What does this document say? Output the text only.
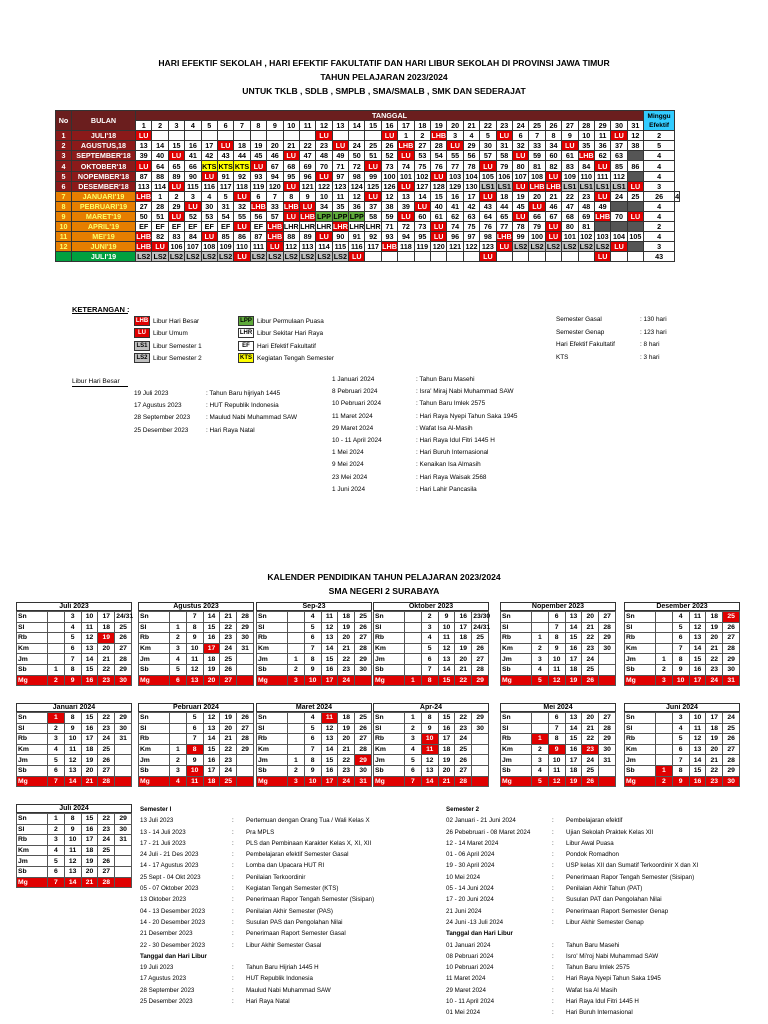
HARI EFEKTIF SEKOLAH , HARI EFEKTIF FAKULTATIF DAN HARI LIBUR SEKOLAH DI PROVINSI JAWA TIMUR
TAHUN PELAJARAN 2023/2024
UNTUK TKLB , SDLB , SMPLB , SMA/SMALB , SMK DAN SEDERAJAT
No	BULAN	TANGGAL																															Minggu Efektif	
		1	2	3	4	5	6	7	8	9	10	11	12	13	14	15	16	17	18	19	20	21	22	23	24	25	26	27	28	29	30	31		
1	JULI'18	LU											LU				LU	1	2	LHB	3	4	5	LU	6	7	8	9	10	11	LU	12	2	
2	AGUSTUS,18	13	14	15	16	17	LU	18	19	20	21	22	23	LU	24	25	26	LHB	27	28	LU	29	30	31	32	33	34	LU	35	36	37	38	5	
3	SEPTEMBER'18	39	40	LU	41	42	43	44	45	46	LU	47	48	49	50	51	52	LU	53	54	55	56	57	58	LU	59	60	61	LHB	62	63		4	
4	OKTOBER'18	LU	64	65	66	KTS	KTS	KTS	LU	67	68	69	70	71	72	LU	73	74	75	76	77	78	LU	79	80	81	82	83	84	LU	85	86	4	
5	NOPEMBER'18	87	88	89	90	LU	91	92	93	94	95	96	LU	97	98	99	100	101	102	LU	103	104	105	106	107	108	LU	109	110	111	112		4	
6	DESEMBER'18	113	114	LU	115	116	117	118	119	120	LU	121	122	123	124	125	126	LU	127	128	129	130	LS1	LS1	LU	LHB	LHB	LS1	LS1	LS1	LS1	LU	3	
7	JANUARI'19	LHB	1	2	3	4	5	LU	6	7	8	9	10	11	12	LU	12	13	14	15	16	17	LU	18	19	20	21	22	23	LU	24	25	26	4
8	PEBRUARI'19	27	28	29	LU	30	31	32	LHB	33	LHB	LU	34	35	36	37	38	39	LU	40	41	42	43	44	45	LU	46	47	48	49			4	
9	MARET'19	50	51	LU	52	53	54	55	56	57	LU	LHB	LPP	LPP	LPP	58	59	LU	60	61	62	63	64	65	LU	66	67	68	69	LHB	70	LU	4	
10	APRIL'19	EF	EF	EF	EF	EF	EF	LU	EF	LHB	LHR	LHR	LHR	LHR	LHR	LHR	71	72	73	LU	74	75	76	77	78	79	LU	80	81				2	
11	MEI'19	LHB	82	83	84	LU	85	86	87	LHB	88	89	LU	90	91	92	93	94	95	LU	96	97	98	LHB	99	100	LU	101	102	103	104	105	4	
12	JUNI'19	LHB	LU	106	107	108	109	110	111	LU	112	113	114	115	116	117	LHB	118	119	120	121	122	123	LU	LS2	LS2	LS2	LS2	LS2	LS2	LU		3	
	JULI'19	LS2	LS2	LS2	LS2	LS2	LS2	LU	LS2	LS2	LS2	LS2	LS2	LS2	LU								LU							LU			43	
KETERANGAN :
LHB Libur Hari Besar
LU	Libur Umum
LS1 Libur Semester 1
LS2 Libur Semester 2
LPP Libur Permulaan Puasa
LHR Libur Sekitar Hari Raya
EF	Hari Efektif Fakultatif
KTS Kegiatan Tengah Semester
Semester Gasal	: 130 hari
Semester Genap	: 123 hari
Hari Efektif Fakultatif	: 8 hari
KTS	: 3 hari
Libur Hari Besar
19 Juli 2023	: Tahun Baru hijriyah 1445
17 Agustus 2023	: HUT Republik Indonesia
28 September 2023 : Maulud Nabi Muhammad SAW
25 Desember 2023	: Hari Raya Natal
1 Januari 2024	: Tahun Baru Masehi
8 Pebruari 2024	: Isra' Miraj Nabi Muhammad SAW
10 Pebruari 2024	: Tahun Baru Imlek 2575
11 Maret 2024	: Hari Raya Nyepi Tahun Saka 1945
29 Maret 2024	: Wafat Isa Al-Masih
10 - 11 April 2024	: Hari Raya Idul Fitri 1445 H
1 Mei 2024	: Hari Buruh Internasional
9 Mei 2024	: Kenaikan Isa Almasih
23 Mei 2024	: Hari Raya Waisak 2568
1 Juni 2024	: Hari Lahir Pancasila
KALENDER PENDIDIKAN TAHUN PELAJARAN 2023/2024
SMA NEGERI 2 SURABAYA
Juli 2023
Sn		3	10	17	24/31
Sl		4	11	18	25
Rb		5	12	19	26
Km		6	13	20	27
Jm		7	14	21	28
Sb	1	8	15	22	29
Mg	2	9	16	23	30
Agustus 2023
Sn		7	14	21	28
Sl	1	8	15	22	29
Rb	2	9	16	23	30
Km	3	10	17	24	31
Jm	4	11	18	25	
Sb	5	12	19	26	
Mg	6	13	20	27	
Sep-23
Sn		4	11	18	25
Sl		5	12	19	26
Rb		6	13	20	27
Km		7	14	21	28
Jm	1	8	15	22	29
Sb	2	9	16	23	30
Mg	3	10	17	24	
Oktober 2023
Sn		2	9	16	23/30
Sl		3	10	17	24/31
Rb		4	11	18	25
Km		5	12	19	26
Jm		6	13	20	27
Sb		7	14	21	28
Mg	1	8	15	22	29
Nopember 2023
Sn		6	13	20	27
Sl		7	14	21	28
Rb	1	8	15	22	29
Km	2	9	16	23	30
Jm	3	10	17	24	
Sb	4	11	18	25	
Mg	5	12	19	26	
Desember 2023
Sn		4	11	18	25
Sl		5	12	19	26
Rb		6	13	20	27
Km		7	14	21	28
Jm	1	8	15	22	29
Sb	2	9	16	23	30
Mg	3	10	17	24	31
Januari 2024
Sn	1	8	15	22	29
Sl	2	9	16	23	30
Rb	3	10	17	24	31
Km	4	11	18	25	
Jm	5	12	19	26	
Sb	6	13	20	27	
Mg	7	14	21	28	
Pebruari 2024
Sn		5	12	19	26
Sl		6	13	20	27
Rb		7	14	21	28
Km	1	8	15	22	29
Jm	2	9	16	23	
Sb	3	10	17	24	
Mg	4	11	18	25	
Maret 2024
Sn		4	11	18	25
Sl		5	12	19	26
Rb		6	13	20	27
Km		7	14	21	28
Jm	1	8	15	22	29
Sb	2	9	16	23	30
Mg	3	10	17	24	31
Apr-24
Sn	1	8	15	22	29
Sl	2	9	16	23	30
Rb	3	10	17	24	
Km	4	11	18	25	
Jm	5	12	19	26	
Sb	6	13	20	27	
Mg	7	14	21	28	
Mei 2024
Sn		6	13	20	27
Sl		7	14	21	28
Rb	1	8	15	22	29
Km	2	9	16	23	30
Jm	3	10	17	24	31
Sb	4	11	18	25	
Mg	5	12	19	26	
Juni 2024
Sn		3	10	17	24
Sl		4	11	18	25
Rb		5	12	19	26
Km		6	13	20	27
Jm		7	14	21	28
Sb	1	8	15	22	29
Mg	2	9	16	23	30
Juli 2024
Sn	1	8	15	22	29
Sl	2	9	16	23	30
Rb	3	10	17	24	31
Km	4	11	18	25	
Jm	5	12	19	26	
Sb	6	13	20	27	
Mg	7	14	21	28	
Semester I
13 Juli 2023	:	Pertemuan dengan Orang Tua / Wali Kelas X
13 - 14 Juli 2023	:	Pra MPLS
17 - 21 Juli 2023	:	PLS dan Pembinaan Karakter Kelas X, XI, XII
24 Juli - 21 Des 2023	:	Pembelajaran efektif Semester Gasal
14 - 17 Agustus 2023	:	Lomba dan Upacara HUT RI
25 Sept - 04 Okt 2023	:	Penilaian Terkoordinir
05 - 07 Oktober 2023	:	Kegiatan Tengah Semester (KTS)
13 Oktober 2023	:	Penerimaan Rapor Tengah Semester (Sisipan)
04 - 13 Desember 2023	:	Penilaian Akhir Semester (PAS)
14 - 20 Desember 2023	:	Susulan PAS dan Pengolahan Nilai
21 Desember 2023	:	Penerimaan Raport Semester Gasal
22 - 30 Desember 2023	:	Libur Akhir Semester Gasal
Tanggal dan Hari Libur
19 Juli 2023	:	Tahun Baru Hijriah 1445 H
17 Agustus 2023	:	HUT Republik Indonesia
28 September 2023	:	Maulud Nabi Muhammad SAW
25 Desember 2023	:	Hari Raya Natal
Semester 2
02 Januari - 21 Juni 2024	:	Pembelajaran efektif
26 Pebebruari - 08 Maret 2024	:	Ujian Sekolah Praktek Kelas XII
12 - 14 Maret 2024	:	Libur Awal Puasa
01 - 06 April 2024	:	Pondok Romadhon
19 - 30 April 2024	:	USP kelas XII dan Sumatif Terkoordinir X dan XI
10 Mei 2024	:	Penerimaan Rapor Tengah Semester (Sisipan)
05 - 14 Juni 2024	:	Penilaian Akhir Tahun (PAT)
17 - 20 Juni 2024	:	Susulan PAT dan Pengolahan Nilai
21 Juni 2024	:	Penerimaan Raport Semester Genap
24 Juni -13 Juli 2024	:	Libur Akhir Semester Genap
Tanggal dan Hari Libur
01 Januari 2024	:	Tahun Baru Masehi
08 Pebruari 2024	:	Isro' Mi'roj Nabi Muhammad SAW
10 Pebruari 2024	:	Tahun Baru Imlek 2575
11 Maret 2024	:	Hari Raya Nyepi Tahun Saka 1945
29 Maret 2024	:	Wafat Isa Al Masih
10 - 11 April 2024	:	Hari Raya Idul Fitri 1445 H
01 Mei 2024	:	Hari Buruh Internasional
